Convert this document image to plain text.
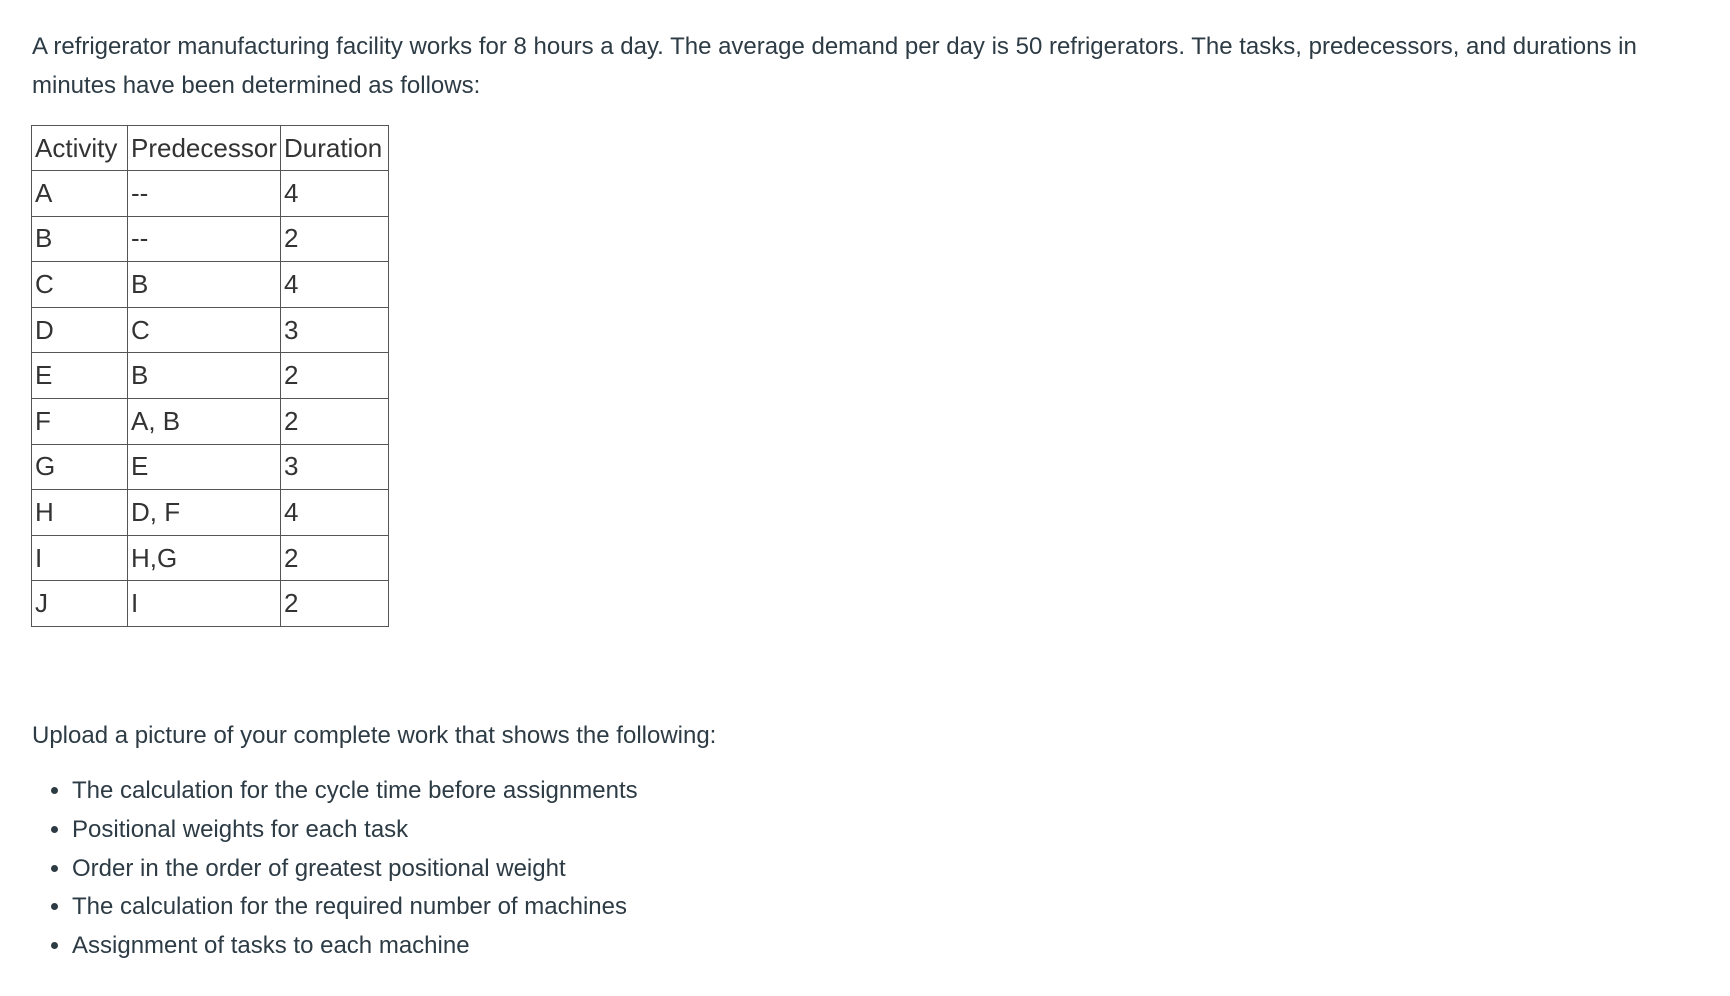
A refrigerator manufacturing facility works for 8 hours a day. The average demand per day is 50 refrigerators. The tasks, predecessors, and durations in minutes have been determined as follows:

Activity	Predecessor	Duration
A	--	4
B	--	2
C	B	4
D	C	3
E	B	2
F	A, B	2
G	E	3
H	D, F	4
I	H,G	2
J	I	2

Upload a picture of your complete work that shows the following:

• The calculation for the cycle time before assignments
• Positional weights for each task
• Order in the order of greatest positional weight
• The calculation for the required number of machines
• Assignment of tasks to each machine
